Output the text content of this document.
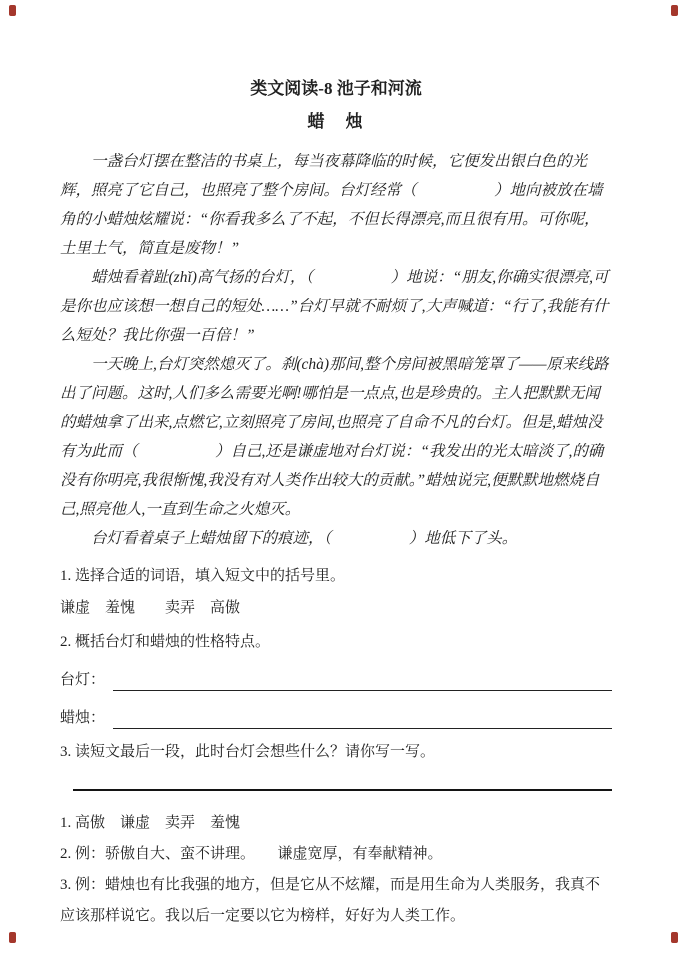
类文阅读-8 池子和河流
蜡　烛

一盏台灯摆在整洁的书桌上，每当夜幕降临的时候，它便发出银白色的光辉，照亮了它自己，也照亮了整个房间。台灯经常（　　　　　）地向被放在墙角的小蜡烛炫耀说：“你看我多么了不起，不但长得漂亮,而且很有用。可你呢，土里土气，简直是废物！”

蜡烛看着趾(zhǐ)高气扬的台灯，（　　　　　）地说：“朋友,你确实很漂亮,可是你也应该想一想自己的短处……”台灯早就不耐烦了,大声喊道：“行了,我能有什么短处？我比你强一百倍！”

一天晚上,台灯突然熄灭了。刹(chà)那间,整个房间被黑暗笼罩了——原来线路出了问题。这时,人们多么需要光啊!哪怕是一点点,也是珍贵的。主人把默默无闻的蜡烛拿了出来,点燃它,立刻照亮了房间,也照亮了自命不凡的台灯。但是,蜡烛没有为此而（　　　　　）自己,还是谦虚地对台灯说：“我发出的光太暗淡了,的确没有你明亮,我很惭愧,我没有对人类作出较大的贡献。”蜡烛说完,便默默地燃烧自己,照亮他人,一直到生命之火熄灭。

台灯看着桌子上蜡烛留下的痕迹，（　　　　　）地低下了头。

1. 选择合适的词语，填入短文中的括号里。

谦虚　羞愧　　卖弄　高傲

2. 概括台灯和蜡烛的性格特点。

台灯：
蜡烛：

3. 读短文最后一段，此时台灯会想些什么？请你写一写。

1. 高傲　谦虚　卖弄　羞愧

2. 例：骄傲自大、蛮不讲理。　　谦虚宽厚，有奉献精神。

3. 例：蜡烛也有比我强的地方，但是它从不炫耀，而是用生命为人类服务，我真不应该那样说它。我以后一定要以它为榜样，好好为人类工作。
